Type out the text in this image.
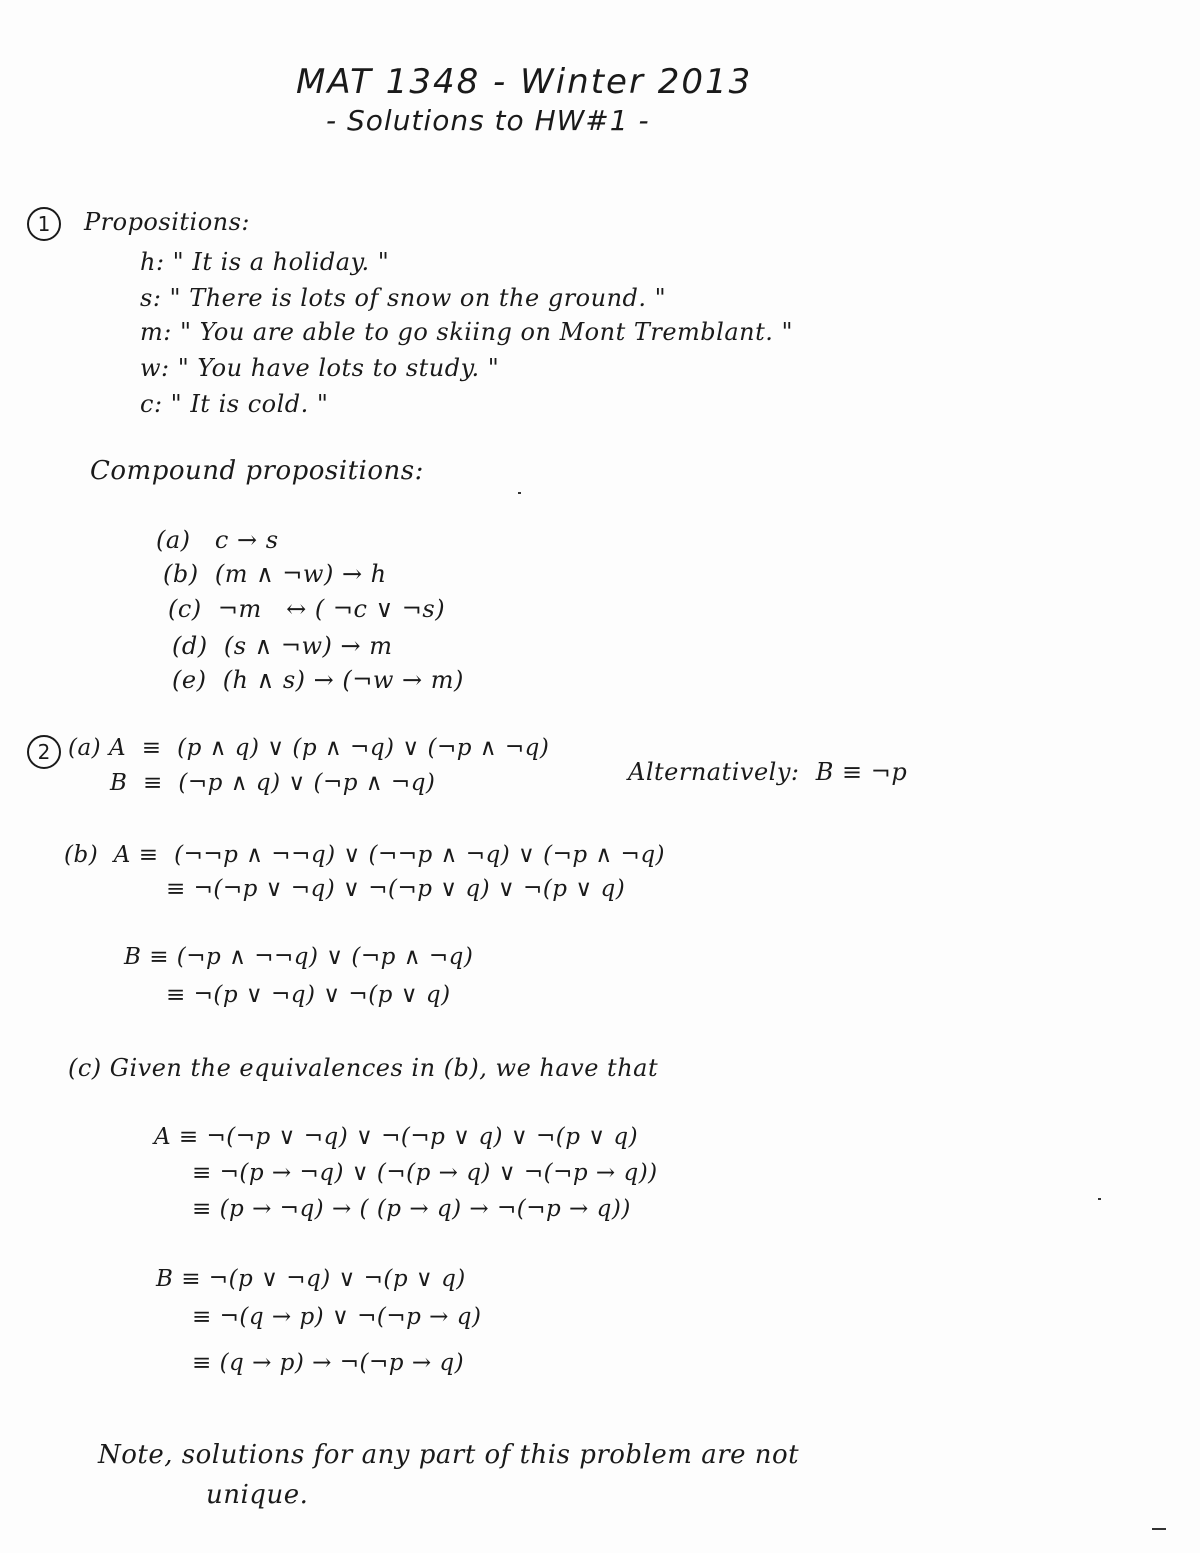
MAT 1348 - Winter 2013
- Solutions to HW#1 -
1	Propositions:
h: " It is a holiday. "
s: " There is lots of snow on the ground. "
m: " You are able to go skiing on Mont Tremblant. "
w: " You have lots to study. "
c: " It is cold. "
Compound propositions:
(a)   c → s
(b)  (m ∧ ¬w) → h
(c)  ¬m   ↔ ( ¬c ∨ ¬s)
(d)  (s ∧ ¬w) → m
(e)  (h ∧ s) → (¬w → m)
2 (a) A  ≡  (p ∧ q) ∨ (p ∧ ¬q) ∨ (¬p ∧ ¬q)
B  ≡  (¬p ∧ q) ∨ (¬p ∧ ¬q)	Alternatively:  B ≡ ¬p
(b)  A ≡  (¬¬p ∧ ¬¬q) ∨ (¬¬p ∧ ¬q) ∨ (¬p ∧ ¬q)
≡ ¬(¬p ∨ ¬q) ∨ ¬(¬p ∨ q) ∨ ¬(p ∨ q)
B ≡ (¬p ∧ ¬¬q) ∨ (¬p ∧ ¬q)
≡ ¬(p ∨ ¬q) ∨ ¬(p ∨ q)
(c) Given the equivalences in (b), we have that
A ≡ ¬(¬p ∨ ¬q) ∨ ¬(¬p ∨ q) ∨ ¬(p ∨ q)
≡ ¬(p → ¬q) ∨ (¬(p → q) ∨ ¬(¬p → q))
≡ (p → ¬q) → ( (p → q) → ¬(¬p → q))
B ≡ ¬(p ∨ ¬q) ∨ ¬(p ∨ q)
≡ ¬(q → p) ∨ ¬(¬p → q)
≡ (q → p) → ¬(¬p → q)
Note, solutions for any part of this problem are not
unique.
